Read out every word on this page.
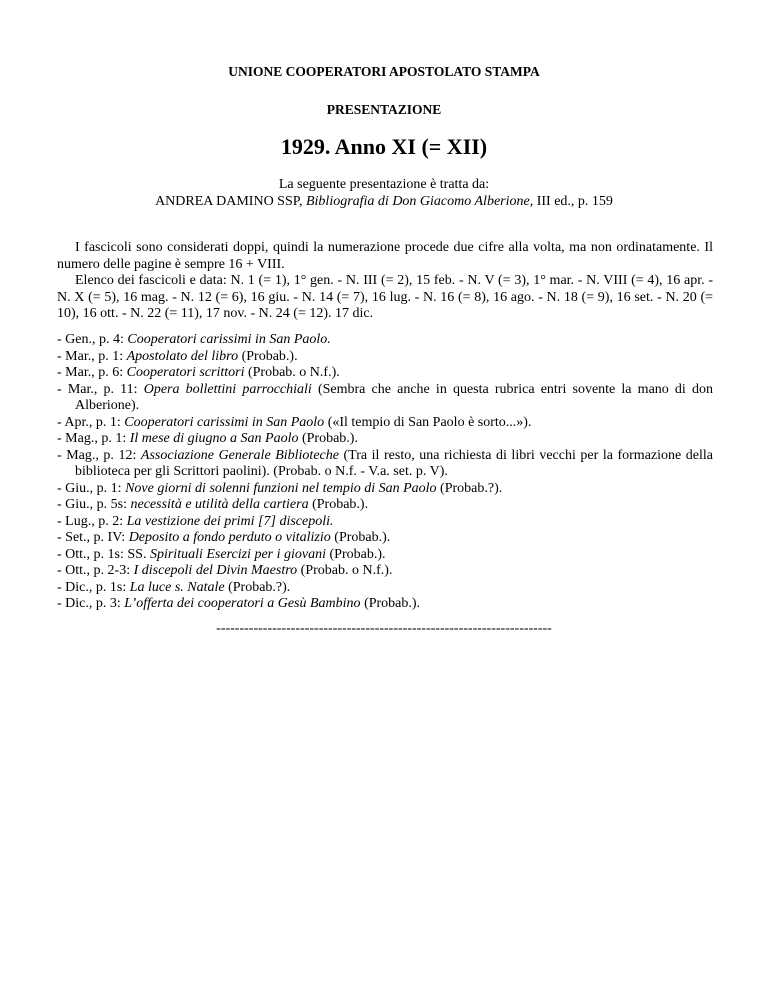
UNIONE COOPERATORI APOSTOLATO STAMPA
PRESENTAZIONE
1929. Anno XI (= XII)
La seguente presentazione è tratta da:
ANDREA DAMINO SSP, Bibliografia di Don Giacomo Alberione, III ed., p. 159

I fascicoli sono considerati doppi, quindi la numerazione procede due cifre alla volta, ma non ordinatamente. Il numero delle pagine è sempre 16 + VIII.

Elenco dei fascicoli e data: N. 1 (= 1), 1° gen. - N. III (= 2), 15 feb. - N. V (= 3), 1° mar. - N. VIII (= 4), 16 apr. - N. X (= 5), 16 mag. - N. 12 (= 6), 16 giu. - N. 14 (= 7), 16 lug. - N. 16 (= 8), 16 ago. - N. 18 (= 9), 16 set. - N. 20 (= 10), 16 ott. - N. 22 (= 11), 17 nov. - N. 24 (= 12). 17 dic.

- Gen., p. 4: Cooperatori carissimi in San Paolo.

- Mar., p. 1: Apostolato del libro (Probab.).

- Mar., p. 6: Cooperatori scrittori (Probab. o N.f.).

- Mar., p. 11: Opera bollettini parrocchiali (Sembra che anche in questa rubrica entri sovente la mano di don Alberione).

- Apr., p. 1: Cooperatori carissimi in San Paolo («Il tempio di San Paolo è sorto...»).

- Mag., p. 1: Il mese di giugno a San Paolo (Probab.).

- Mag., p. 12: Associazione Generale Biblioteche (Tra il resto, una richiesta di libri vecchi per la formazione della biblioteca per gli Scrittori paolini). (Probab. o N.f. - V.a. set. p. V).

- Giu., p. 1: Nove giorni di solenni funzioni nel tempio di San Paolo (Probab.?).

- Giu., p. 5s: necessità e utilità della cartiera (Probab.).

- Lug., p. 2: La vestizione dei primi [7] discepoli.

- Set., p. IV: Deposito a fondo perduto o vitalizio (Probab.).

- Ott., p. 1s: SS. Spirituali Esercizi per i giovani (Probab.).

- Ott., p. 2-3: I discepoli del Divin Maestro (Probab. o N.f.).

- Dic., p. 1s: La luce s. Natale (Probab.?).

- Dic., p. 3: L’offerta dei cooperatori a Gesù Bambino (Probab.).

------------------------------------------------------------------------
